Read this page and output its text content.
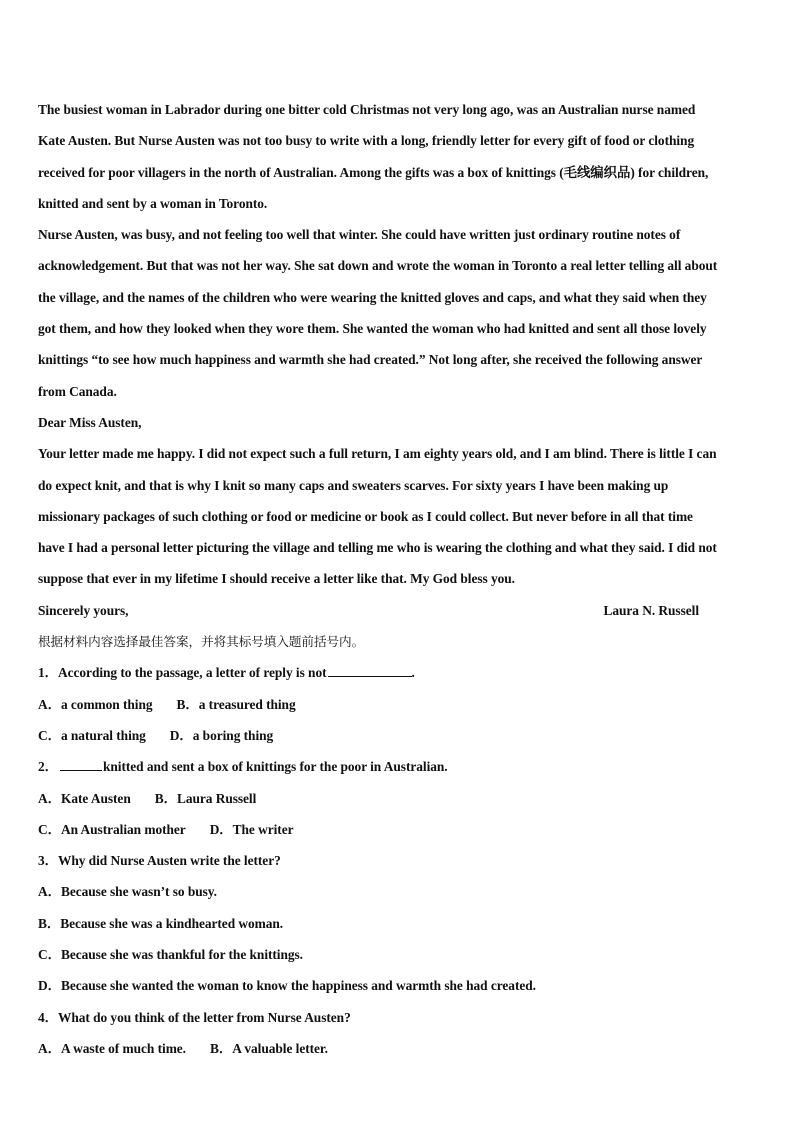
The busiest woman in Labrador during one bitter cold Christmas not very long ago, was an Australian nurse named
Kate Austen. But Nurse Austen was not too busy to write with a long, friendly letter for every gift of food or clothing
received for poor villagers in the north of Australian. Among the gifts was a box of knittings (毛线编织品) for children,
knitted and sent by a woman in Toronto.
Nurse Austen, was busy, and not feeling too well that winter. She could have written just ordinary routine notes of
acknowledgement. But that was not her way. She sat down and wrote the woman in Toronto a real letter telling all about
the village, and the names of the children who were wearing the knitted gloves and caps, and what they said when they
got them, and how they looked when they wore them. She wanted the woman who had knitted and sent all those lovely
knittings “to see how much happiness and warmth she had created.” Not long after, she received the following answer
from Canada.
Dear Miss Austen,
Your letter made me happy. I did not expect such a full return, I am eighty years old, and I am blind. There is little I can
do expect knit, and that is why I knit so many caps and sweaters scarves. For sixty years I have been making up
missionary packages of such clothing or food or medicine or book as I could collect. But never before in all that time
have I had a personal letter picturing the village and telling me who is wearing the clothing and what they said. I did not
suppose that ever in my lifetime I should receive a letter like that. My God bless you.
Sincerely yours,	Laura N. Russell
根据材料内容选择最佳答案，并将其标号填入题前括号内。
1．According to the passage, a letter of reply is not	.
A．a common thing B．a treasured thing
C．a natural thing D．a boring thing
2．	knitted and sent a box of knittings for the poor in Australian.
A．Kate Austen B．Laura Russell
C．An Australian mother D．The writer
3．Why did Nurse Austen write the letter?
A．Because she wasn’t so busy.
B．Because she was a kindhearted woman.
C．Because she was thankful for the knittings.
D．Because she wanted the woman to know the happiness and warmth she had created.
4．What do you think of the letter from Nurse Austen?
A．A waste of much time. B．A valuable letter.
